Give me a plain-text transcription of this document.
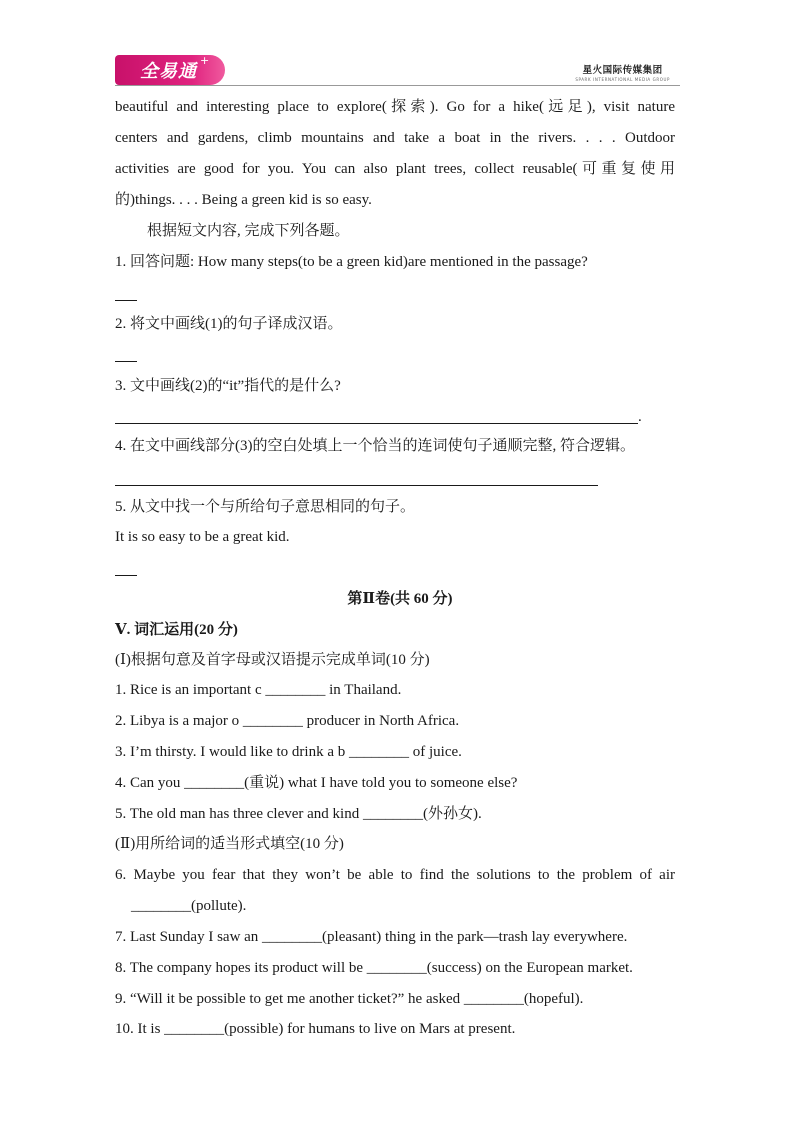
全易通
+
星火国际传媒集团
SPARK INTERNATIONAL MEDIA GROUP
beautiful and interesting place to explore(探索). Go for a hike(远足), visit nature
centers and gardens, climb mountains and take a boat in the rivers. . . . Outdoor
activities are good for you. You can also plant trees, collect reusable(可重复使用
的)things. . . . Being a green kid is so easy.
根据短文内容, 完成下列各题。
1. 回答问题: How many steps(to be a green kid)are mentioned in the passage?
2. 将文中画线(1)的句子译成汉语。
3. 文中画线(2)的“it”指代的是什么?
.
4. 在文中画线部分(3)的空白处填上一个恰当的连词使句子通顺完整, 符合逻辑。
5. 从文中找一个与所给句子意思相同的句子。
It is so easy to be a great kid.
第Ⅱ卷(共 60 分)
Ⅴ. 词汇运用(20 分)
(Ⅰ)根据句意及首字母或汉语提示完成单词(10 分)
1. Rice is an important c ________ in Thailand.
2. Libya is a major o ________ producer in North Africa.
3. I’m thirsty. I would like to drink a b ________ of juice.
4. Can you ________(重说) what I have told you to someone else?
5. The old man has three clever and kind ________(外孙女).
(Ⅱ)用所给词的适当形式填空(10 分)
6. Maybe you fear that they won’t be able to find the solutions to the problem of air
________(pollute).
7. Last Sunday I saw an ________(pleasant) thing in the park—trash lay everywhere.
8. The company hopes its product will be ________(success) on the European market.
9. “Will it be possible to get me another ticket?” he asked ________(hopeful).
10. It is ________(possible) for humans to live on Mars at present.
